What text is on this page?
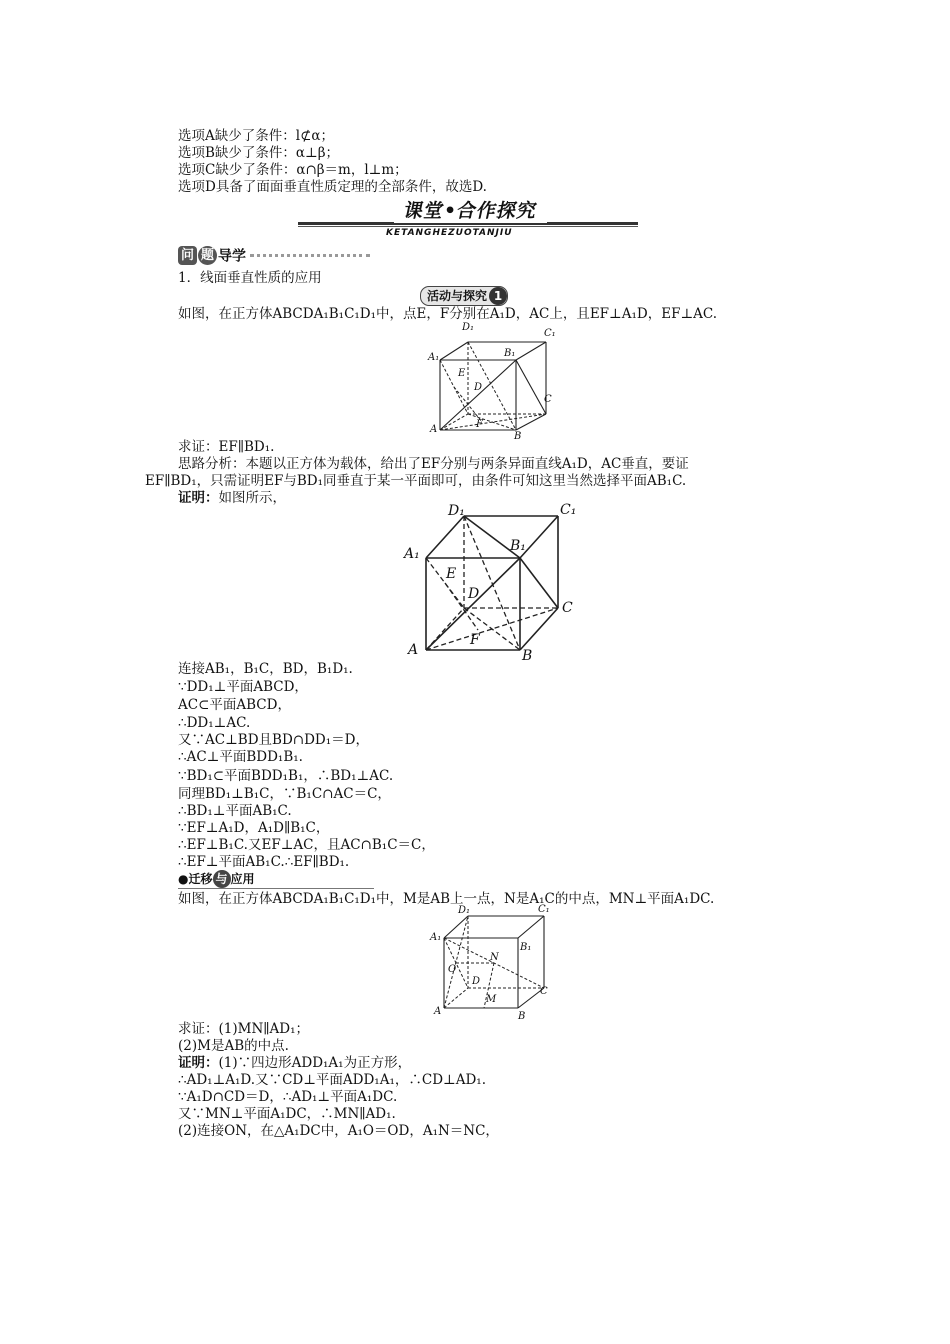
选项A缺少了条件：l⊄α；
选项B缺少了条件：α⊥β；
选项C缺少了条件：α∩β＝m，l⊥m；
选项D具备了面面垂直性质定理的全部条件，故选D.
课堂•合作探究
KETANGHEZUOTANJIU
问 题 导学
1．线面垂直性质的应用
活动与探究 1
如图，在正方体ABCDA₁B₁C₁D₁中，点E，F分别在A₁D，AC上，且EF⊥A₁D，EF⊥AC.
D₁
C₁
A₁	B₁
E
D
C
A	F
B
求证：EF∥BD₁.
思路分析：本题以正方体为载体，给出了EF分别与两条异面直线A₁D，AC垂直，要证
EF∥BD₁，只需证明EF与BD₁同垂直于某一平面即可，由条件可知这里当然选择平面AB₁C.
证明：如图所示，
D₁	C₁
A₁	B₁
E
D
C
A
F
B
连接AB₁，B₁C，BD，B₁D₁.
∵DD₁⊥平面ABCD，
AC⊂平面ABCD，
∴DD₁⊥AC.
又∵AC⊥BD且BD∩DD₁＝D，
∴AC⊥平面BDD₁B₁.
∵BD₁⊂平面BDD₁B₁，∴BD₁⊥AC.
同理BD₁⊥B₁C，∵B₁C∩AC＝C，
∴BD₁⊥平面AB₁C.
∵EF⊥A₁D，A₁D∥B₁C，
∴EF⊥B₁C.又EF⊥AC，且AC∩B₁C＝C，
∴EF⊥平面AB₁C.∴EF∥BD₁.
●迁移 与 应用
如图，在正方体ABCDA₁B₁C₁D₁中，M是AB上一点，N是A₁C的中点，MN⊥平面A₁DC.
D₁	C₁
A₁
B₁
N
O
D
C
M
A	B
求证：(1)MN∥AD₁；
(2)M是AB的中点.
证明：(1)∵四边形ADD₁A₁为正方形，
∴AD₁⊥A₁D.又∵CD⊥平面ADD₁A₁，∴CD⊥AD₁.
∵A₁D∩CD＝D，∴AD₁⊥平面A₁DC.
又∵MN⊥平面A₁DC，∴MN∥AD₁.
(2)连接ON，在△A₁DC中，A₁O＝OD，A₁N＝NC，
